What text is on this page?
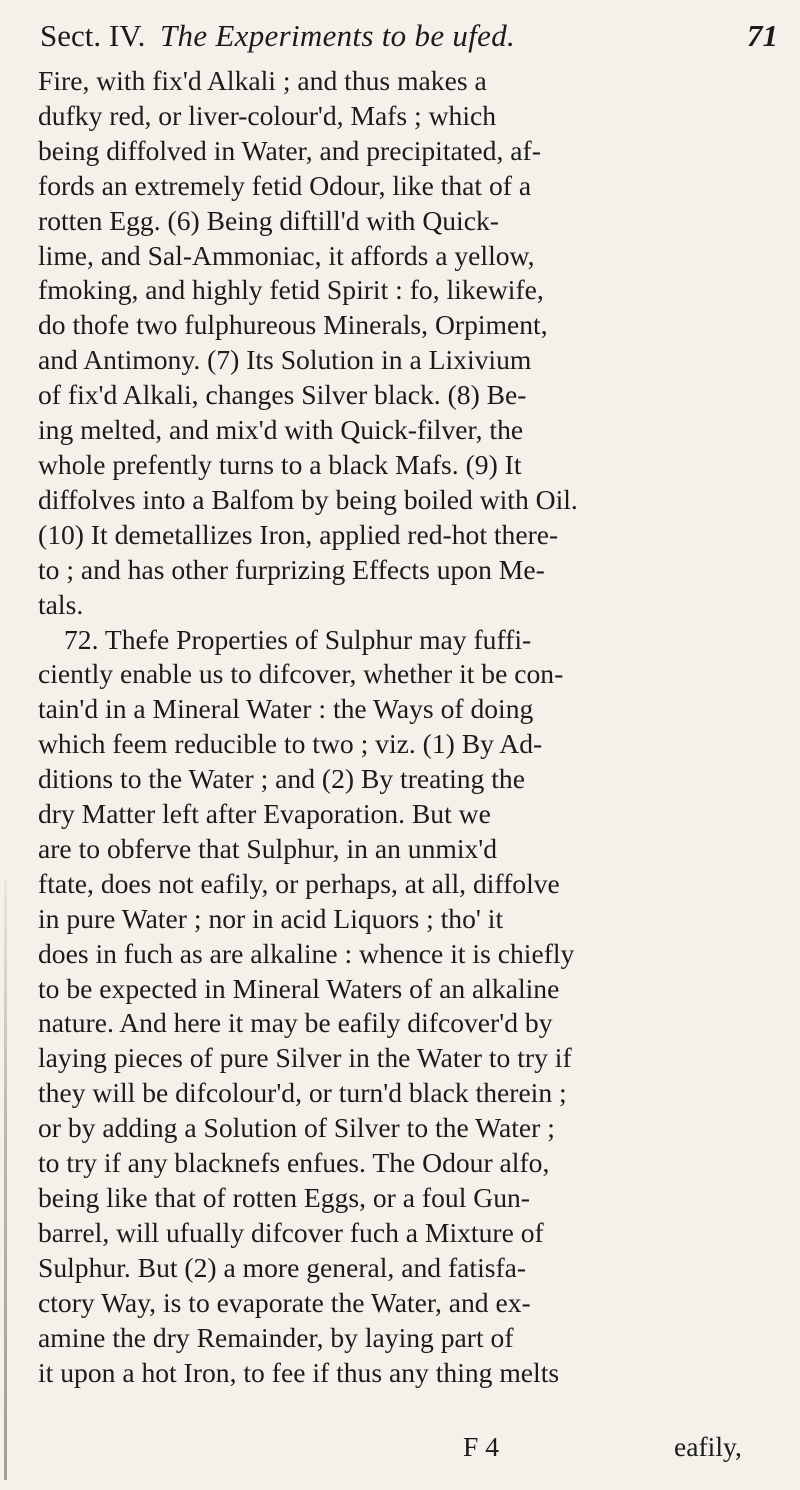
Sect. IV. The Experiments to be ufed.	71
Fire, with fix'd Alkali ; and thus makes a
dufky red, or liver-colour'd, Mafs ; which
being diffolved in Water, and precipitated, af-
fords an extremely fetid Odour, like that of a
rotten Egg. (6) Being diftill'd with Quick-
lime, and Sal-Ammoniac, it affords a yellow,
fmoking, and highly fetid Spirit : fo, likewife,
do thofe two fulphureous Minerals, Orpiment,
and Antimony. (7) Its Solution in a Lixivium
of fix'd Alkali, changes Silver black. (8) Be-
ing melted, and mix'd with Quick-filver, the
whole prefently turns to a black Mafs. (9) It
diffolves into a Balfom by being boiled with Oil.
(10) It demetallizes Iron, applied red-hot there-
to ; and has other furprizing Effects upon Me-
tals.
72. Thefe Properties of Sulphur may fuffi-
ciently enable us to difcover, whether it be con-
tain'd in a Mineral Water : the Ways of doing
which feem reducible to two ; viz. (1) By Ad-
ditions to the Water ; and (2) By treating the
dry Matter left after Evaporation. But we
are to obferve that Sulphur, in an unmix'd
ftate, does not eafily, or perhaps, at all, diffolve
in pure Water ; nor in acid Liquors ; tho' it
does in fuch as are alkaline : whence it is chiefly
to be expected in Mineral Waters of an alkaline
nature. And here it may be eafily difcover'd by
laying pieces of pure Silver in the Water to try if
they will be difcolour'd, or turn'd black therein ;
or by adding a Solution of Silver to the Water ;
to try if any blacknefs enfues. The Odour alfo,
being like that of rotten Eggs, or a foul Gun-
barrel, will ufually difcover fuch a Mixture of
Sulphur. But (2) a more general, and fatisfa-
ctory Way, is to evaporate the Water, and ex-
amine the dry Remainder, by laying part of
it upon a hot Iron, to fee if thus any thing melts
F 4	eafily,
